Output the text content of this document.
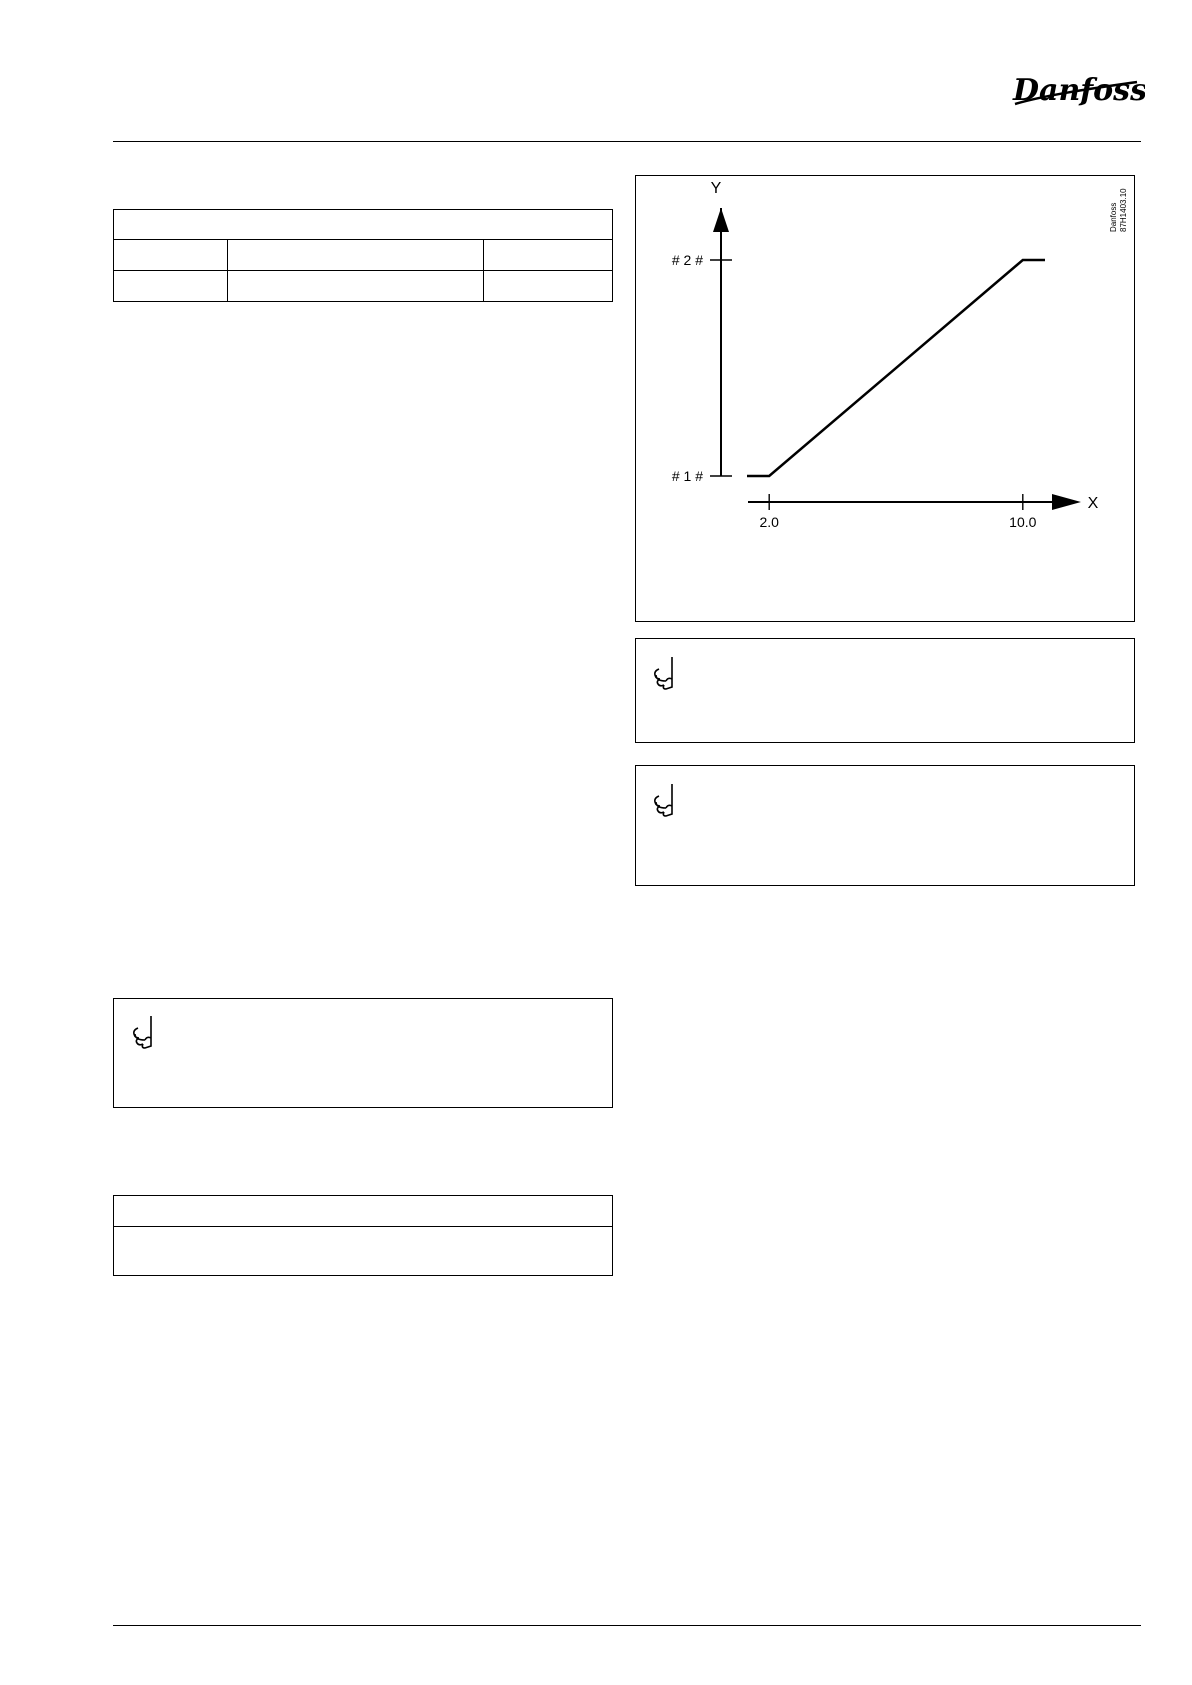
Danfoss

Y
X
2.0	10.0
# 1 #
# 2 #
Danfoss 87H1403.10
